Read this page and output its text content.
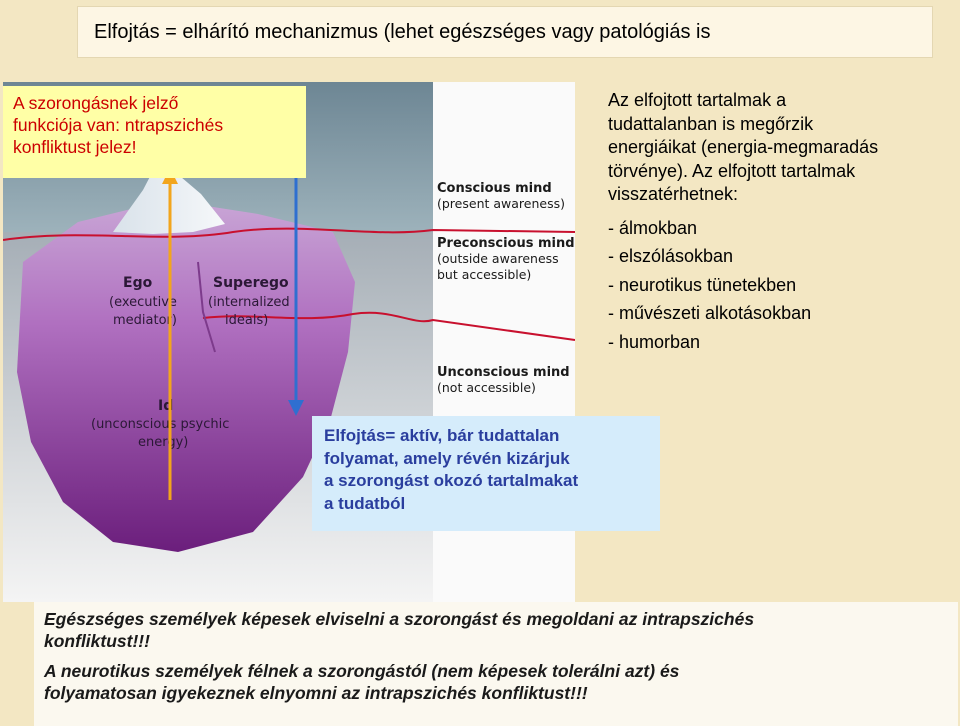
Elfojtás = elhárító mechanizmus (lehet egészséges vagy patológiás is
Ego
(executive
mediator)
Superego
(internalized
ideals)
Id
(unconscious psychic
energy)
Conscious mind
(present awareness)
Preconscious mind
(outside awareness
but accessible)
Unconscious mind
(not accessible)
A szorongásnek jelző
funkciója van: ntrapszichés
konfliktust jelez!
Elfojtás= aktív, bár tudattalan
folyamat, amely révén kizárjuk
a szorongást okozó tartalmakat
a tudatból

Az elfojtott tartalmak a
tudattalanban is megőrzik
energiáikat (energia-megmaradás
törvénye). Az elfojtott tartalmak
visszatérhetnek:

- álmokban
- elszólásokban
- neurotikus tünetekben
- művészeti alkotásokban
- humorban

Egészséges személyek képesek elviselni a szorongást és megoldani az intrapszichés
konfliktust!!!

A neurotikus személyek félnek a szorongástól (nem képesek tolerálni azt) és
folyamatosan igyekeznek elnyomni az intrapszichés konfliktust!!!
